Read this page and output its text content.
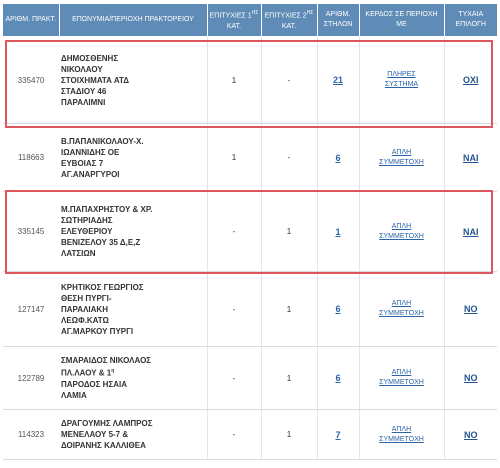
ΑΡΙΘΜ. ΠΡΑΚΤ.	ΕΠΩΝΥΜΙΑ/ΠΕΡΙΟΧΗ ΠΡΑΚΤΟΡΕΙΟΥ	ΕΠΙΤΥΧΙΕΣ $1^{H\Sigma}$ ΚΑΤ.	ΕΠΙΤΥΧΙΕΣ $2^{H\Sigma}$ ΚΑΤ.	ΑΡΙΘΜ. ΣΤΗΛΩΝ	ΚΕΡΔΟΣ ΣΕ ΠΕΡΙΟΧΗ ΜΕ	ΤΥΧΑΙΑ ΕΠΙΛΟΓΗ
335470	ΔΗΜΟΣΘΕΝΗΣ
ΝΙΚΟΛΑΟΥ
ΣΤΟΙΧΗΜΑΤΑ ΑΤΔ
ΣΤΑΔΙΟΥ 46
ΠΑΡΑΛΙΜΝΙ	1	-	21	ΠΛΗΡΕΣ
ΣΥΣΤΗΜΑ	ΟΧΙ
118663	Β.ΠΑΠΑΝΙΚΟΛΑΟΥ-Χ.
ΙΩΑΝΝΙΔΗΣ ΟΕ
ΕΥΒΟΙΑΣ 7
ΑΓ.ΑΝΑΡΓΥΡΟΙ	1	-	6	ΑΠΛΗ
ΣΥΜΜΕΤΟΧΗ	ΝΑΙ
335145	Μ.ΠΑΠΑΧΡΗΣΤΟΥ & ΧΡ.
ΣΩΤΗΡΙΑΔΗΣ
ΕΛΕΥΘΕΡΙΟΥ
ΒΕΝΙΖΕΛΟΥ 35 Δ,Ε,Ζ
ΛΑΤΣΙΩΝ	-	1	1	ΑΠΛΗ
ΣΥΜΜΕΤΟΧΗ	ΝΑΙ
127147	ΚΡΗΤΙΚΟΣ ΓΕΩΡΓΙΟΣ
ΘΕΣΗ ΠΥΡΓΙ-
ΠΑΡΑΛΙΑΚΗ
ΛΕΩΦ.ΚΑΤΩ
ΑΓ.ΜΑΡΚΟΥ ΠΥΡΓΙ	-	1	6	ΑΠΛΗ
ΣΥΜΜΕΤΟΧΗ	ΝΟ
122789	ΣΜΑΡΑΙΔΟΣ ΝΙΚΟΛΑΟΣ
ΠΛ.ΛΑΟΥ & $1^\eta$
ΠΑΡΟΔΟΣ ΗΣΑΙΑ
ΛΑΜΙΑ	-	1	6	ΑΠΛΗ
ΣΥΜΜΕΤΟΧΗ	ΝΟ
114323	ΔΡΑΓΟΥΜΗΣ ΛΑΜΠΡΟΣ
ΜΕΝΕΛΑΟΥ 5-7 &
ΔΟΙΡΑΝΗΣ ΚΑΛΛΙΘΕΑ	-	1	7	ΑΠΛΗ
ΣΥΜΜΕΤΟΧΗ	ΝΟ
